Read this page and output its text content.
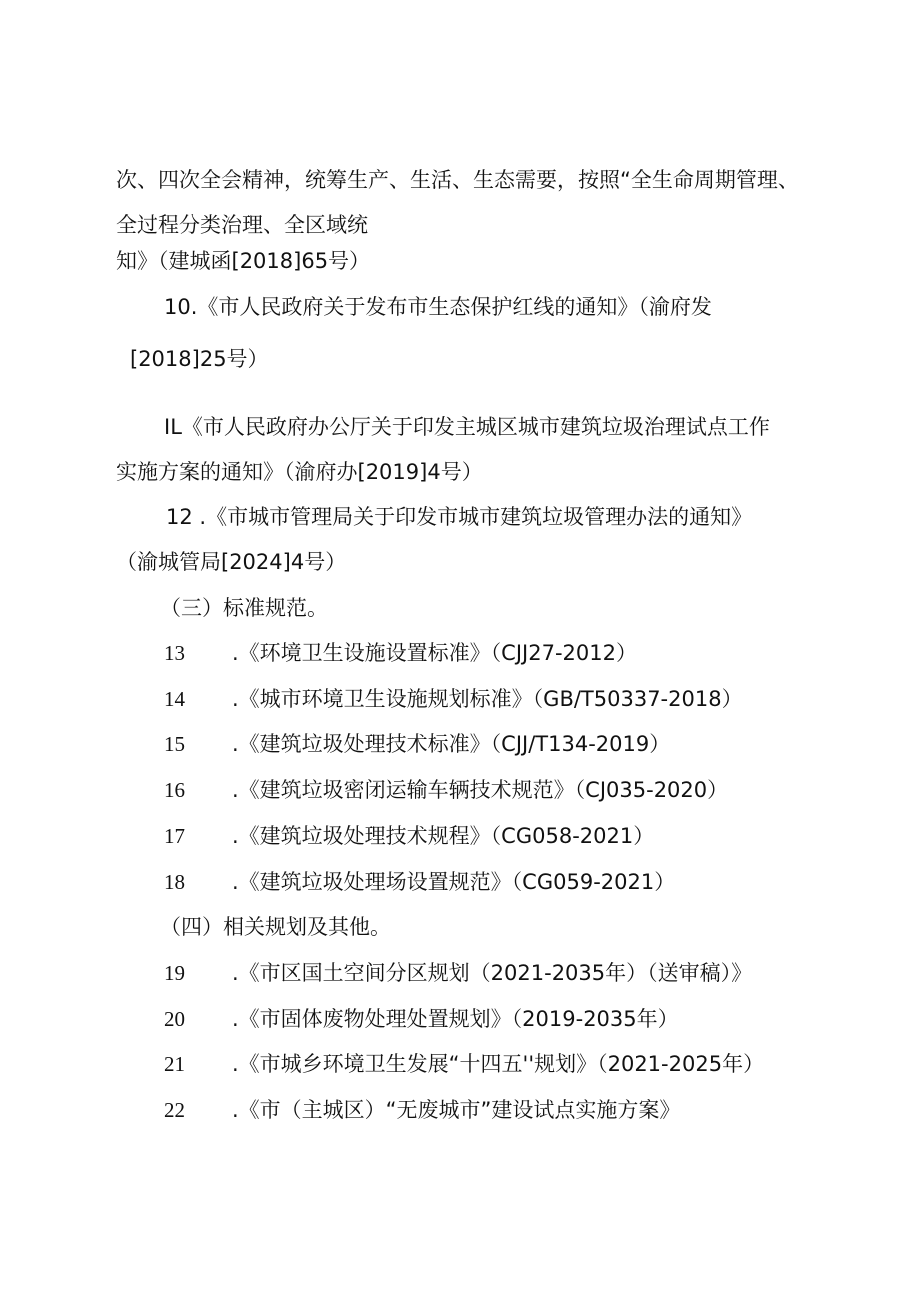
次、四次全会精神，统筹生产、生活、生态需要，按照“全生命周期管理、
全过程分类治理、全区域统
知》（建城函[2018]65号）
10.《市人民政府关于发布市生态保护红线的通知》（渝府发
[2018]25号）
IL《市人民政府办公厅关于印发主城区城市建筑垃圾治理试点工作
实施方案的通知》（渝府办[2019]4号）
12 .《市城市管理局关于印发市城市建筑垃圾管理办法的通知》
（渝城管局[2024]4号）
（三）标准规范。
13 .《环境卫生设施设置标准》（CJJ27-2012）
14 .《城市环境卫生设施规划标准》（GB/T50337-2018）
15 .《建筑垃圾处理技术标准》（CJJ/T134-2019）
16 .《建筑垃圾密闭运输车辆技术规范》（CJ035-2020）
17 .《建筑垃圾处理技术规程》（CG058-2021）
18 .《建筑垃圾处理场设置规范》（CG059-2021）
（四）相关规划及其他。
19 .《市区国土空间分区规划（2021-2035年）（送审稿）》
20 .《市固体废物处理处置规划》（2019-2035年）
21 .《市城乡环境卫生发展“十四五''规划》（2021-2025年）
22 .《市（主城区）“无废城市”建设试点实施方案》
